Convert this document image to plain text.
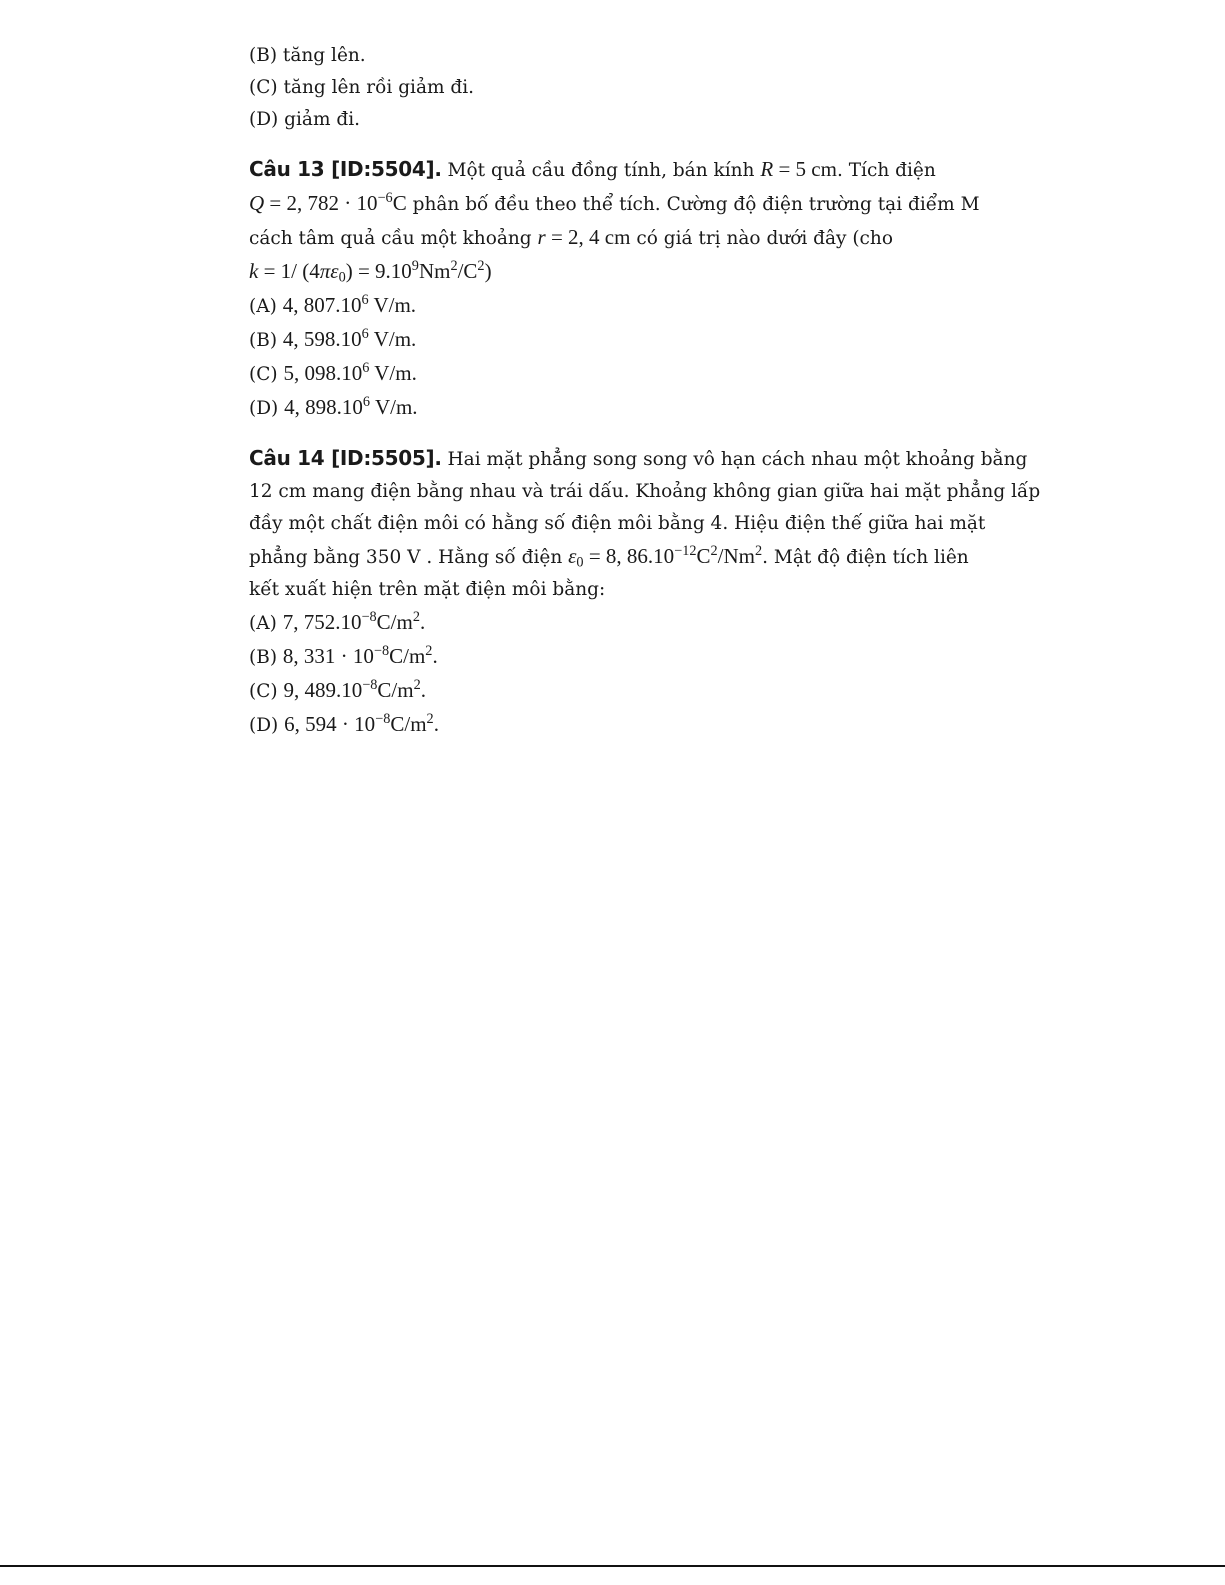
(B) tăng lên.
(C) tăng lên rồi giảm đi.
(D) giảm đi.
Câu 13 [ID:5504]. Một quả cầu đồng tính, bán kính R = 5 cm. Tích điện
Q = 2, $782 \cdot 10^{-6}C$ phân bố đều theo thể tích. Cường độ điện trường tại điểm M
cách tâm quả cầu một khoảng r = 2, 4 cm có giá trị nào dưới đây (cho
k = 1/ $(4\pi\varepsilon_0) = 9.10^9Nm^2/C^2$)
(A) 4, 807.10$^6$ V/m.
(B) 4, 598.10$^6$ V/m.
(C) 5, 098.10$^6$ V/m.
(D) 4, 898.10$^6$ V/m.
Câu 14 [ID:5505]. Hai mặt phẳng song song vô hạn cách nhau một khoảng bằng
12 cm mang điện bằng nhau và trái dấu. Khoảng không gian giữa hai mặt phẳng lấp
đầy một chất điện môi có hằng số điện môi bằng 4. Hiệu điện thế giữa hai mặt
phẳng bằng 350 V . Hằng số điện $\varepsilon_0 = 8$, $86.10^{-12}C^2/Nm^2$. Mật độ điện tích liên
kết xuất hiện trên mặt điện môi bằng:
(A) 7, $752.10^{-8}C/m^2$.
(B) 8, $331 \cdot 10^{-8}C/m^2$.
(C) 9, $489.10^{-8}C/m^2$.
(D) 6, $594 \cdot 10^{-8}C/m^2$.
